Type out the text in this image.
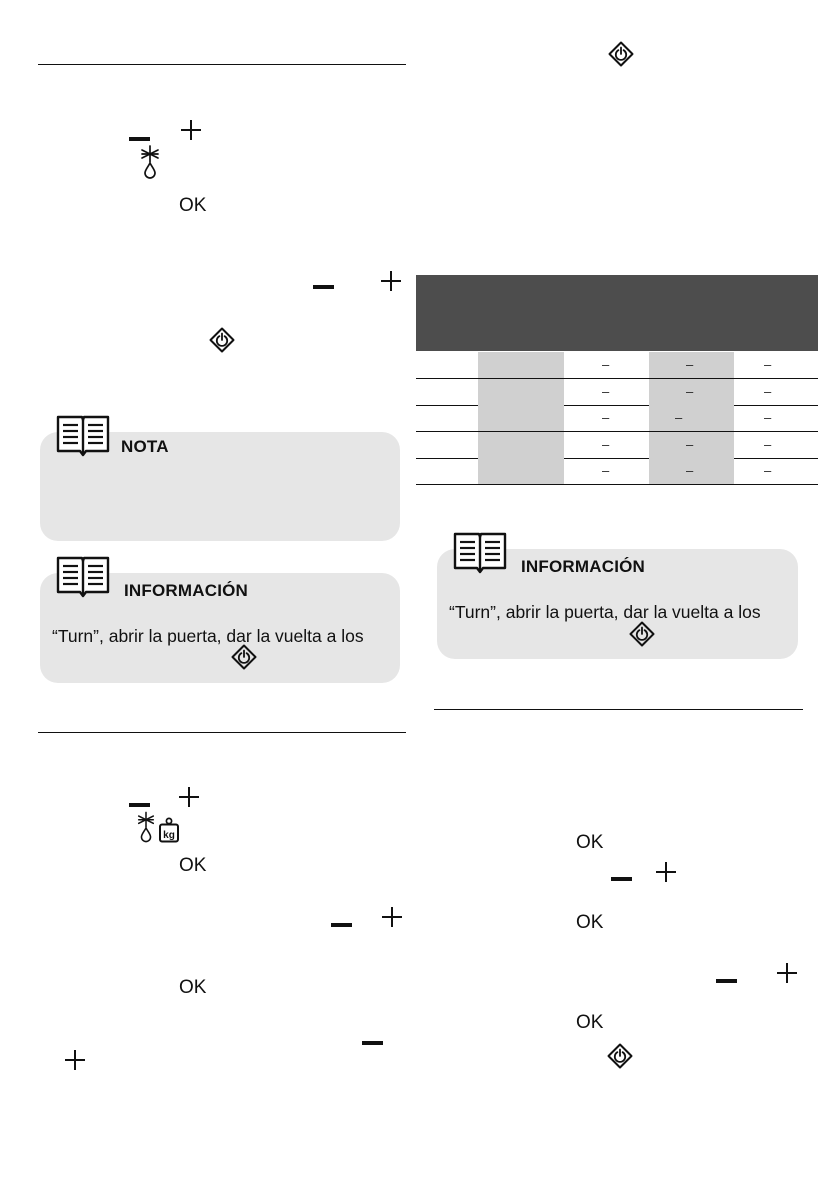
OK
NOTA
INFORMACIÓN
“Turn”, abrir la puerta, dar la vuelta a los
OK
OK
–	–	–
–	–	–
–	–	–
–	–	–
–	–	–
INFORMACIÓN
“Turn”, abrir la puerta, dar la vuelta a los
OK
OK
OK
